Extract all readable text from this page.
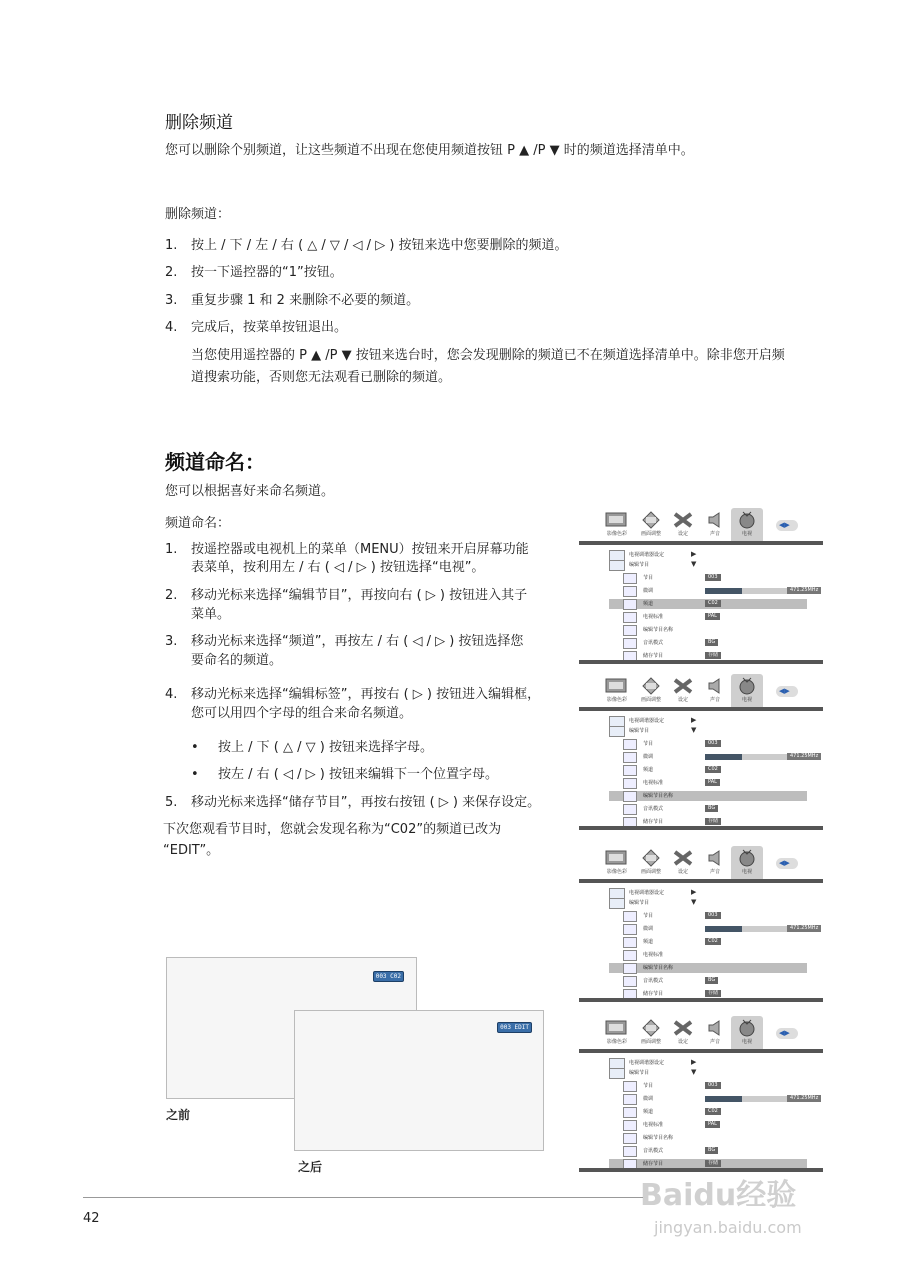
删除频道
您可以删除个别频道，让这些频道不出现在您使用频道按钮 P ▲ /P ▼ 时的频道选择清单中。
删除频道：
1. 按上 / 下 / 左 / 右 ( △ / ▽ / ◁ / ▷ ) 按钮来选中您要删除的频道。
2. 按一下遥控器的“1”按钮。
3. 重复步骤 1 和 2 来删除不必要的频道。
4. 完成后，按菜单按钮退出。
当您使用遥控器的 P ▲ /P ▼ 按钮来选台时，您会发现删除的频道已不在频道选择清单中。除非您开启频
道搜索功能，否则您无法观看已删除的频道。
频道命名：
您可以根据喜好来命名频道。
频道命名：
1. 按遥控器或电视机上的菜单（MENU）按钮来开启屏幕功能
表菜单，按利用左 / 右 ( ◁ / ▷ ) 按钮选择“电视”。
2. 移动光标来选择“编辑节目”，再按向右 ( ▷ ) 按钮进入其子
菜单。
3. 移动光标来选择“频道”，再按左 / 右 ( ◁ / ▷ ) 按钮选择您
要命名的频道。
4. 移动光标来选择“编辑标签”，再按右 ( ▷ ) 按钮进入编辑框，
您可以用四个字母的组合来命名频道。
• 按上 / 下 ( △ / ▽ ) 按钮来选择字母。
• 按左 / 右 ( ◁ / ▷ ) 按钮来编辑下一个位置字母。
5. 移动光标来选择“储存节目”，再按右按钮 ( ▷ ) 来保存设定。
下次您观看节目时，您就会发现名称为“C02”的频道已改为
“EDIT”。
003 C02
之前
003 EDIT
之后
影像色彩	画面调整	设定	声音	电视
◀▶
电视调谐器设定	▶
编辑节目	▼
节目	003
微调	471.25MHz
频道	C02
电视标准	PAL
编辑节目名称
音讯模式	BG
储存节目	存储
影像色彩	画面调整	设定	声音	电视
◀▶
电视调谐器设定	▶
编辑节目	▼
节目	003
微调	471.25MHz
频道	C02
电视标准	PAL
编辑节目名称
音讯模式	BG
储存节目	存储
影像色彩	画面调整	设定	声音	电视
◀▶
电视调谐器设定	▶
编辑节目	▼
节目	003
微调	471.25MHz
频道	C02
电视标准
编辑节目名称
音讯模式	BG
储存节目	存储
影像色彩	画面调整	设定	声音	电视
◀▶
电视调谐器设定	▶
编辑节目	▼
节目	003
微调	471.25MHz
频道	C02
电视标准	PAL
编辑节目名称
音讯模式	BG
储存节目	存储
42
Baidu经验
jingyan.baidu.com
